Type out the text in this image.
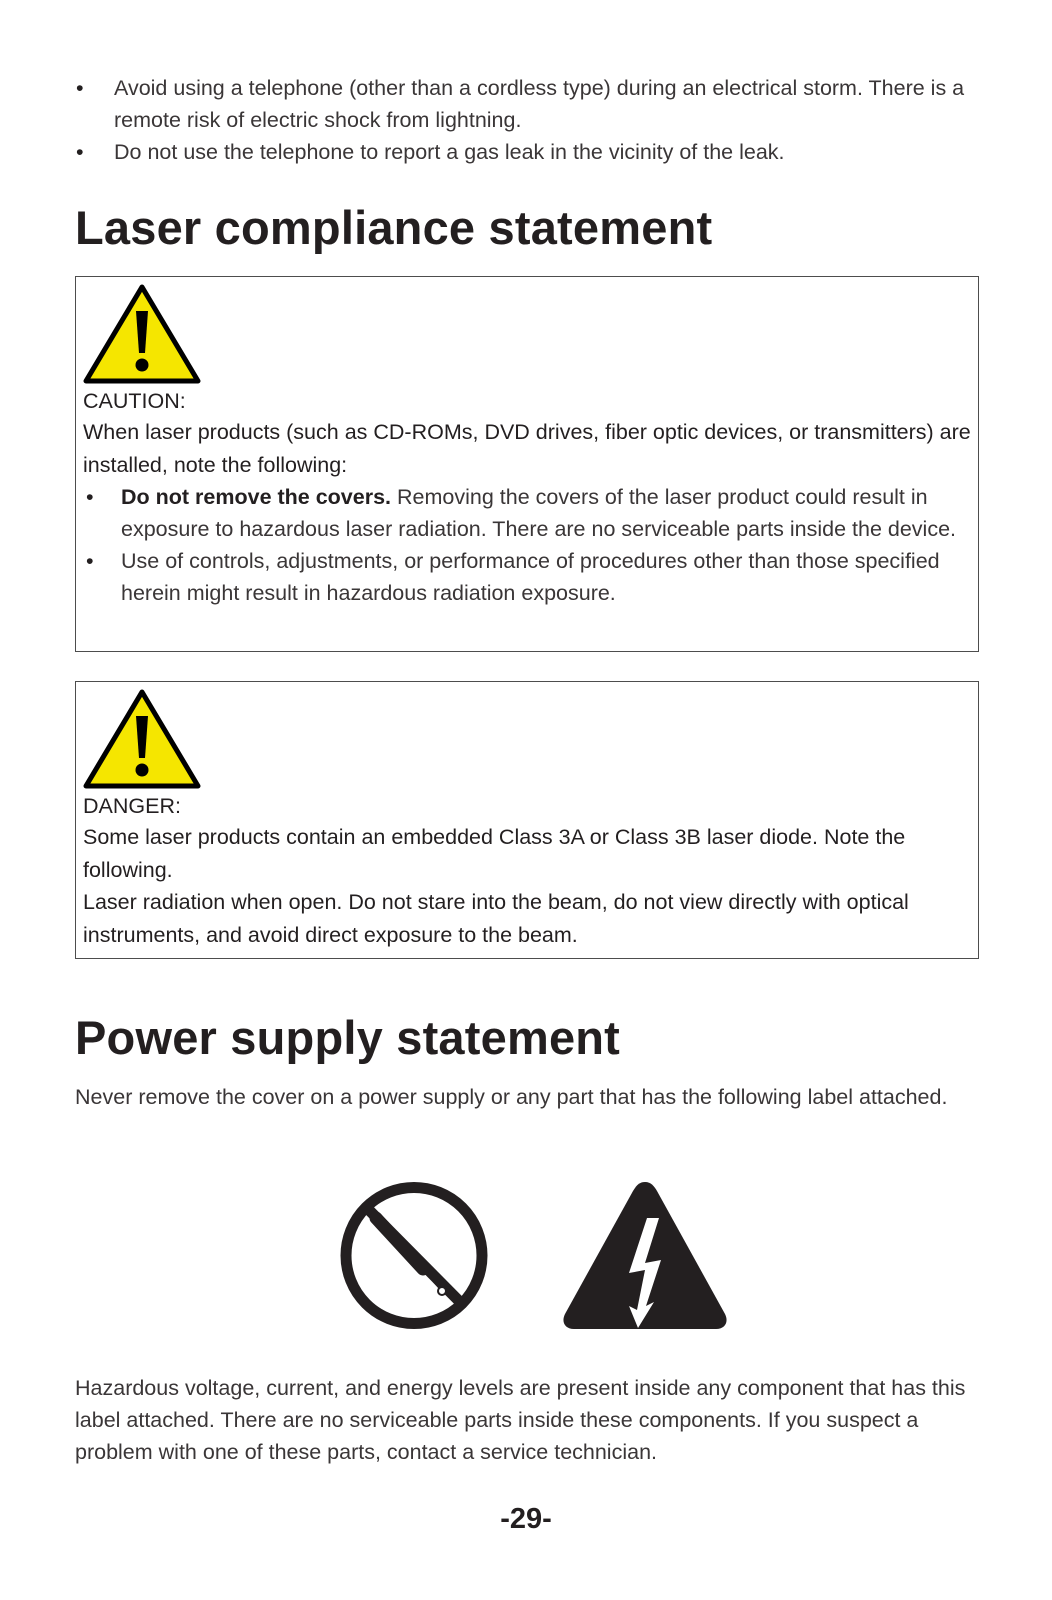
• Avoid using a telephone (other than a cordless type) during an electrical storm. There is a remote risk of electric shock from lightning.
• Do not use the telephone to report a gas leak in the vicinity of the leak.
Laser compliance statement
CAUTION:
When laser products (such as CD-ROMs, DVD drives, fiber optic devices, or transmitters) are installed, note the following:
• Do not remove the covers. Removing the covers of the laser product could result in exposure to hazardous laser radiation. There are no serviceable parts inside the device.
• Use of controls, adjustments, or performance of procedures other than those specified herein might result in hazardous radiation exposure.
DANGER:
Some laser products contain an embedded Class 3A or Class 3B laser diode. Note the following.
Laser radiation when open. Do not stare into the beam, do not view directly with optical instruments, and avoid direct exposure to the beam.
Power supply statement

Never remove the cover on a power supply or any part that has the following label attached.

Hazardous voltage, current, and energy levels are present inside any component that has this label attached. There are no serviceable parts inside these components. If you suspect a problem with one of these parts, contact a service technician.

-29-
